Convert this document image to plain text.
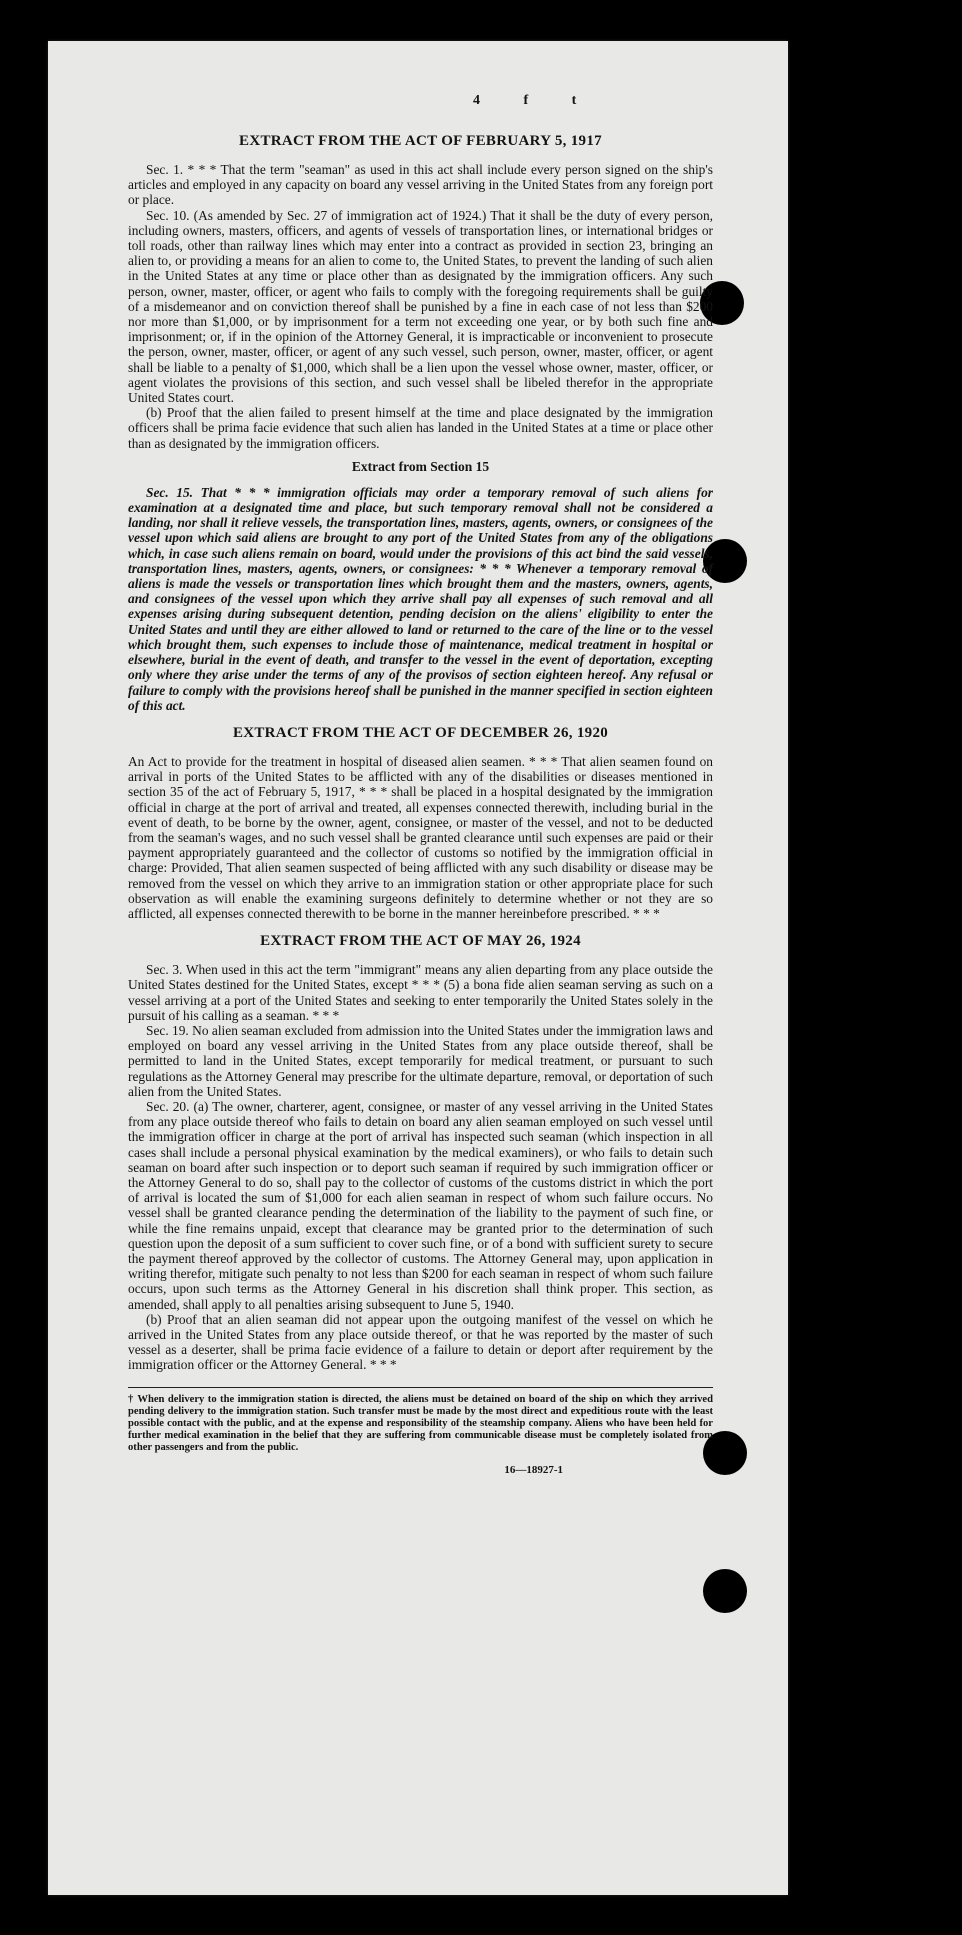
4 f t
EXTRACT FROM THE ACT OF FEBRUARY 5, 1917

Sec. 1. * * * That the term "seaman" as used in this act shall include every person signed on the ship's articles and employed in any capacity on board any vessel arriving in the United States from any foreign port or place.

Sec. 10. (As amended by Sec. 27 of immigration act of 1924.) That it shall be the duty of every person, including owners, masters, officers, and agents of vessels of transportation lines, or international bridges or toll roads, other than railway lines which may enter into a contract as provided in section 23, bringing an alien to, or providing a means for an alien to come to, the United States, to prevent the landing of such alien in the United States at any time or place other than as designated by the immigration officers. Any such person, owner, master, officer, or agent who fails to comply with the foregoing requirements shall be guilty of a misdemeanor and on conviction thereof shall be punished by a fine in each case of not less than $200 nor more than $1,000, or by imprisonment for a term not exceeding one year, or by both such fine and imprisonment; or, if in the opinion of the Attorney General, it is impracticable or inconvenient to prosecute the person, owner, master, officer, or agent of any such vessel, such person, owner, master, officer, or agent shall be liable to a penalty of $1,000, which shall be a lien upon the vessel whose owner, master, officer, or agent violates the provisions of this section, and such vessel shall be libeled therefor in the appropriate United States court.

(b) Proof that the alien failed to present himself at the time and place designated by the immigration officers shall be prima facie evidence that such alien has landed in the United States at a time or place other than as designated by the immigration officers.

Extract from Section 15

Sec. 15. That * * * immigration officials may order a temporary removal of such aliens for examination at a designated time and place, but such temporary removal shall not be considered a landing, nor shall it relieve vessels, the transportation lines, masters, agents, owners, or consignees of the vessel upon which said aliens are brought to any port of the United States from any of the obligations which, in case such aliens remain on board, would under the provisions of this act bind the said vessels, transportation lines, masters, agents, owners, or consignees: * * * Whenever a temporary removal of aliens is made the vessels or transportation lines which brought them and the masters, owners, agents, and consignees of the vessel upon which they arrive shall pay all expenses of such removal and all expenses arising during subsequent detention, pending decision on the aliens' eligibility to enter the United States and until they are either allowed to land or returned to the care of the line or to the vessel which brought them, such expenses to include those of maintenance, medical treatment in hospital or elsewhere, burial in the event of death, and transfer to the vessel in the event of deportation, excepting only where they arise under the terms of any of the provisos of section eighteen hereof. Any refusal or failure to comply with the provisions hereof shall be punished in the manner specified in section eighteen of this act.

EXTRACT FROM THE ACT OF DECEMBER 26, 1920

An Act to provide for the treatment in hospital of diseased alien seamen. * * * That alien seamen found on arrival in ports of the United States to be afflicted with any of the disabilities or diseases mentioned in section 35 of the act of February 5, 1917, * * * shall be placed in a hospital designated by the immigration official in charge at the port of arrival and treated, all expenses connected therewith, including burial in the event of death, to be borne by the owner, agent, consignee, or master of the vessel, and not to be deducted from the seaman's wages, and no such vessel shall be granted clearance until such expenses are paid or their payment appropriately guaranteed and the collector of customs so notified by the immigration official in charge: Provided, That alien seamen suspected of being afflicted with any such disability or disease may be removed from the vessel on which they arrive to an immigration station or other appropriate place for such observation as will enable the examining surgeons definitely to determine whether or not they are so afflicted, all expenses connected therewith to be borne in the manner hereinbefore prescribed. * * *

EXTRACT FROM THE ACT OF MAY 26, 1924

Sec. 3. When used in this act the term "immigrant" means any alien departing from any place outside the United States destined for the United States, except * * * (5) a bona fide alien seaman serving as such on a vessel arriving at a port of the United States and seeking to enter temporarily the United States solely in the pursuit of his calling as a seaman. * * *

Sec. 19. No alien seaman excluded from admission into the United States under the immigration laws and employed on board any vessel arriving in the United States from any place outside thereof, shall be permitted to land in the United States, except temporarily for medical treatment, or pursuant to such regulations as the Attorney General may prescribe for the ultimate departure, removal, or deportation of such alien from the United States.

Sec. 20. (a) The owner, charterer, agent, consignee, or master of any vessel arriving in the United States from any place outside thereof who fails to detain on board any alien seaman employed on such vessel until the immigration officer in charge at the port of arrival has inspected such seaman (which inspection in all cases shall include a personal physical examination by the medical examiners), or who fails to detain such seaman on board after such inspection or to deport such seaman if required by such immigration officer or the Attorney General to do so, shall pay to the collector of customs of the customs district in which the port of arrival is located the sum of $1,000 for each alien seaman in respect of whom such failure occurs. No vessel shall be granted clearance pending the determination of the liability to the payment of such fine, or while the fine remains unpaid, except that clearance may be granted prior to the determination of such question upon the deposit of a sum sufficient to cover such fine, or of a bond with sufficient surety to secure the payment thereof approved by the collector of customs. The Attorney General may, upon application in writing therefor, mitigate such penalty to not less than $200 for each seaman in respect of whom such failure occurs, upon such terms as the Attorney General in his discretion shall think proper. This section, as amended, shall apply to all penalties arising subsequent to June 5, 1940.

(b) Proof that an alien seaman did not appear upon the outgoing manifest of the vessel on which he arrived in the United States from any place outside thereof, or that he was reported by the master of such vessel as a deserter, shall be prima facie evidence of a failure to detain or deport after requirement by the immigration officer or the Attorney General. * * *

† When delivery to the immigration station is directed, the aliens must be detained on board of the ship on which they arrived pending delivery to the immigration station. Such transfer must be made by the most direct and expeditious route with the least possible contact with the public, and at the expense and responsibility of the steamship company. Aliens who have been held for further medical examination in the belief that they are suffering from communicable disease must be completely isolated from other passengers and from the public.
16—18927-1
